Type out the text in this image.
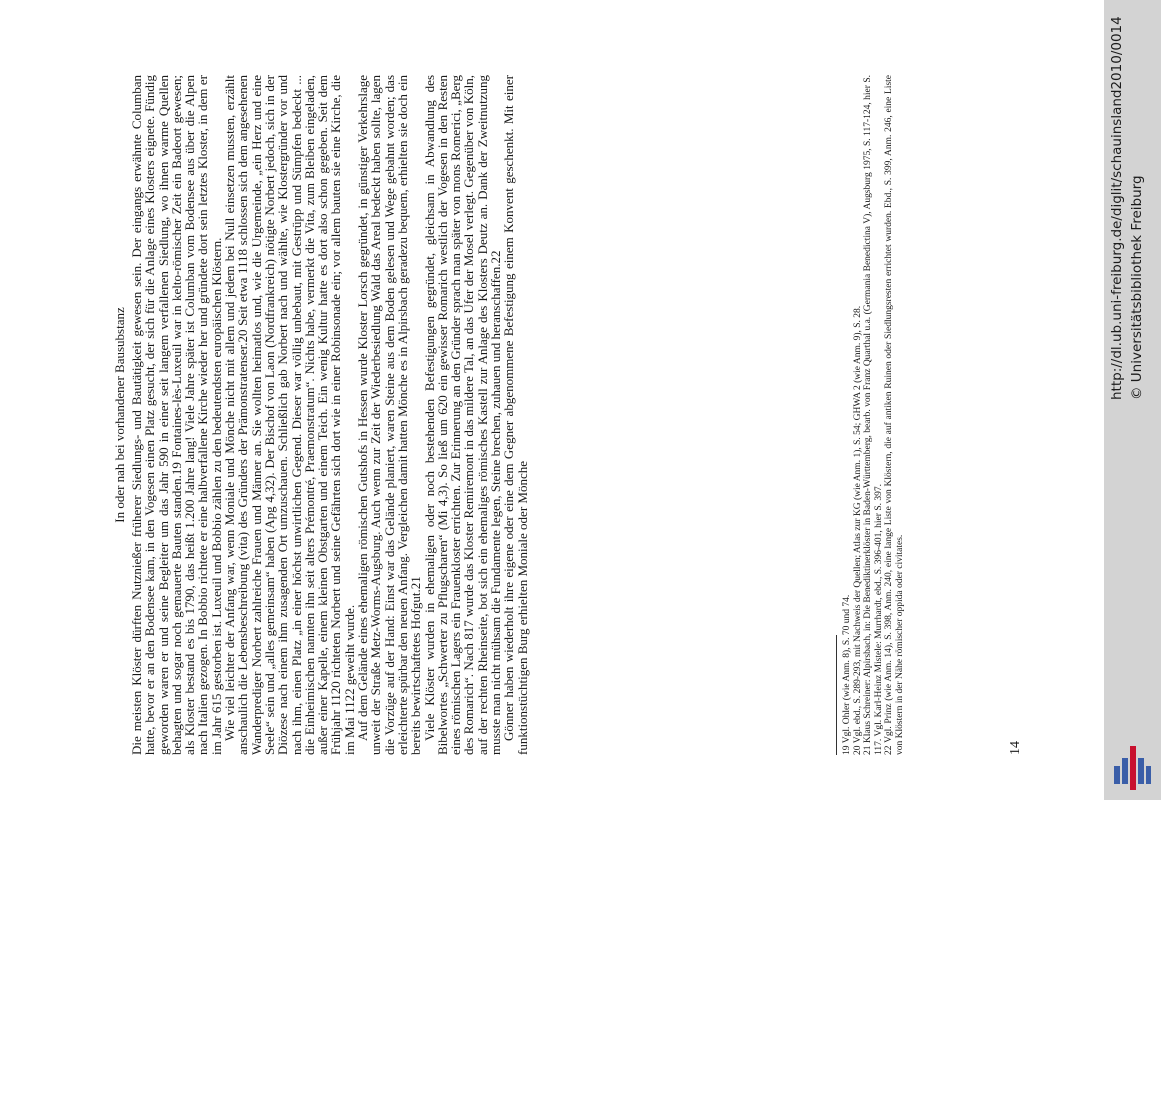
In oder nah bei vorhandener Bausubstanz Die meisten Klöster dürften Nutznießer früherer Siedlungs- und Bautätigkeit gewesen sein. Der eingangs erwähnte Columban hatte, bevor er an den Bodensee kam, in den Vogesen einen Platz gesucht, der sich für die Anlage eines Klosters eignete. Fündig geworden waren er und seine Begleiter um das Jahr 590 in einer seit langem verfallenen Siedlung, wo ihnen warme Quellen behagten und sogar noch gemauerte Bauten standen.19 Fontaines-lès-Luxeuil war in kelto-römischer Zeit ein Badeort gewesen; als Kloster bestand es bis 1790, das heißt 1.200 Jahre lang! Viele Jahre später ist Columban vom Bodensee aus über die Alpen nach Italien gezogen. In Bobbio richtete er eine halbverfallene Kirche wieder her und gründete dort sein letztes Kloster, in dem er im Jahr 615 gestorben ist. Luxeuil und Bobbio zählen zu den bedeutendsten europäischen Klöstern.

Wie viel leichter der Anfang war, wenn Moniale und Mönche nicht mit allem und jedem bei Null einsetzen mussten, erzählt anschaulich die Lebensbeschreibung (vita) des Gründers der Prämonstratenser.20 Seit etwa 1118 schlossen sich dem angesehenen Wanderprediger Norbert zahlreiche Frauen und Männer an. Sie wollten heimatlos und, wie die Urgemeinde, „ein Herz und eine Seele“ sein und „alles gemeinsam“ haben (Apg 4,32). Der Bischof von Laon (Nordfrankreich) nötigte Norbert jedoch, sich in der Diözese nach einem ihm zusagenden Ort umzuschauen. Schließlich gab Norbert nach und wählte, wie Klostergründer vor und nach ihm, einen Platz „in einer höchst unwirtlichen Gegend. Dieser war völlig unbebaut, mit Gestrüpp und Sümpfen bedeckt ... die Einheimischen nannten ihn seit alters Prémontré, Praemonstratum“. Nichts habe, vermerkt die Vita, zum Bleiben eingeladen, außer einer Kapelle, einem kleinen Obstgarten und einem Teich. Ein wenig Kultur hatte es dort also schon gegeben. Seit dem Frühjahr 1120 richteten Norbert und seine Gefährten sich dort wie in einer Robinsonade ein; vor allem bauten sie eine Kirche, die im Mai 1122 geweiht wurde.

Auf dem Gelände eines ehemaligen römischen Gutshofs in Hessen wurde Kloster Lorsch gegründet, in günstiger Verkehrslage unweit der Straße Metz-Worms-Augsburg. Auch wenn zur Zeit der Wiederbesiedlung Wald das Areal bedeckt haben sollte, lagen die Vorzüge auf der Hand: Einst war das Gelände planiert, waren Steine aus dem Boden gelesen und Wege gebahnt worden; das erleichterte spürbar den neuen Anfang. Vergleichen damit hatten Mönche es in Alpirsbach geradezu bequem, erhielten sie doch ein bereits bewirtschaftetes Hofgut.21

Viele Klöster wurden in ehemaligen oder noch bestehenden Befestigungen gegründet, gleichsam in Abwandlung des Bibelwortes „Schwerter zu Pflugscharen“ (Mi 4,3). So ließ um 620 ein gewisser Romarich westlich der Vogesen in den Resten eines römischen Lagers ein Frauenkloster errichten. Zur Erinnerung an den Gründer sprach man später von mons Romerici, „Berg des Romarich“. Nach 817 wurde das Kloster Remiremont in das mildere Tal, an das Ufer der Mosel verlegt. Gegenüber von Köln, auf der rechten Rheinseite, bot sich ein ehemaliges römisches Kastell zur Anlage des Klosters Deutz an. Dank der Zweitnutzung musste man nicht mühsam die Fundamente legen, Steine brechen, zuhauen und heranschaffen.22

Gönner haben wiederholt ihre eigene oder eine dem Gegner abgenommene Befestigung einem Konvent geschenkt. Mit einer funktionstüchtigen Burg erhielten Moniale oder Mönche	19 Vgl. Ohler (wie Anm. 8), S. 70 und 74. 20 Vgl. ebd., S. 289-293, mit Nachweis der Quellen; Atlas zur KG (wie Anm. 1), S. 54; GHWA 2 (wie Anm. 9), S. 28. 21 Klaus Schreiner: Alpirsbach, in: Die Benediktinerklöster in Baden-Württemberg, bearb. von Franz Quarthal u.a. (Germania Benedictina V), Augsburg 1975, S. 117-124, hier S. 117. Vgl. Karl-Heinz Mistele: Murrhardt, ebd., S. 396-401, hier S. 397. 22 Vgl. Prinz (wie Anm. 14), S. 398, Anm. 240, eine lange Liste von Klöstern, die auf antiken Ruinen oder Siedlungsresten errichtet wurden. Ebd., S. 399, Anm. 246, eine Liste von Klöstern in der Nähe römischer oppida oder civitates.	14
http://dl.ub.uni-freiburg.de/diglit/schauinsland2010/0014 © Universitätsbibliothek Freiburg
